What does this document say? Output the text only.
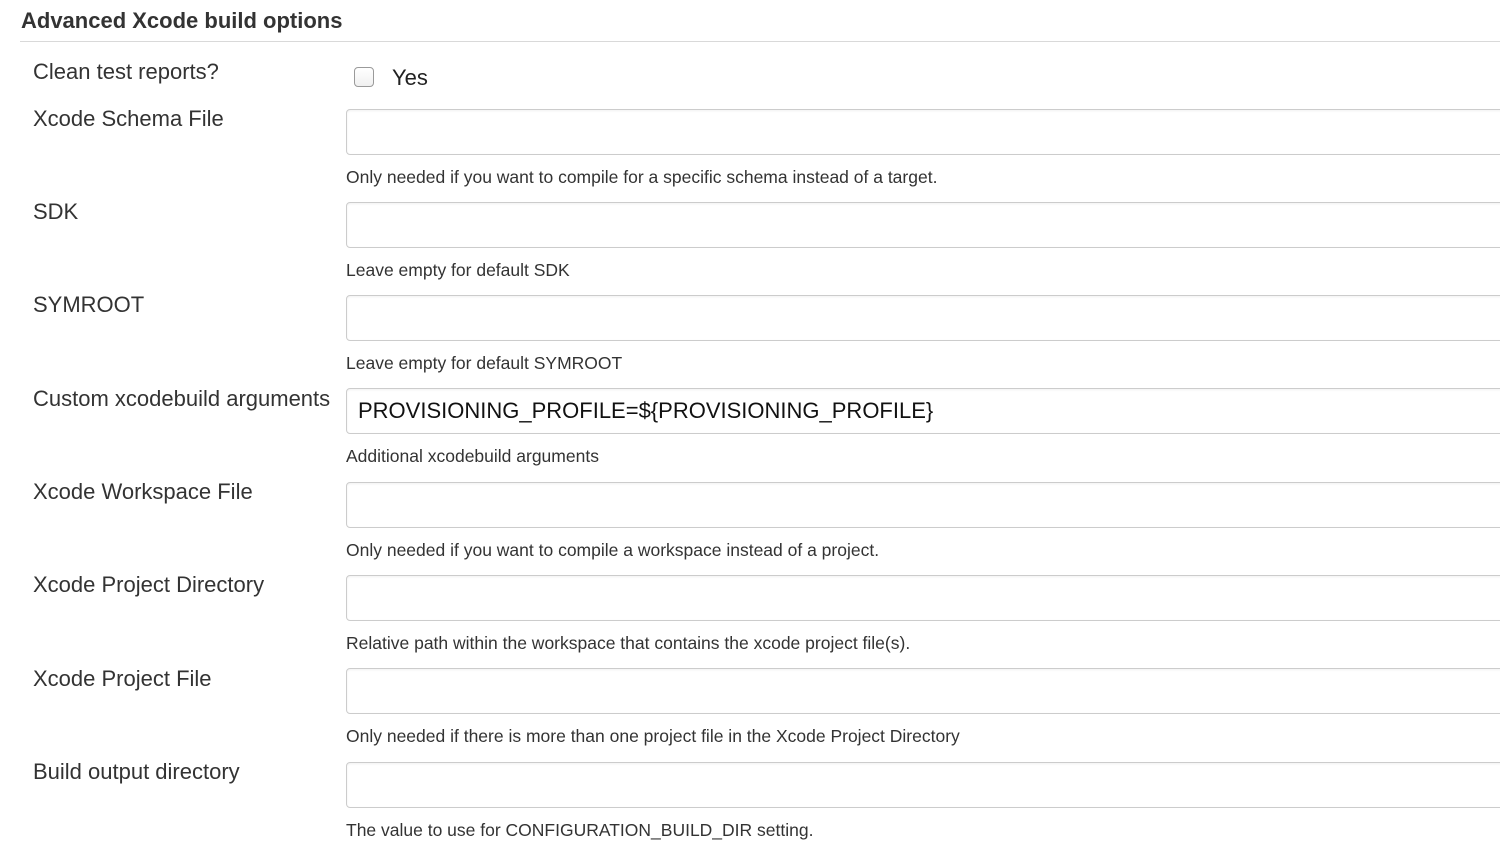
Advanced Xcode build options
Clean test reports?	Yes
Xcode Schema File
Only needed if you want to compile for a specific schema instead of a target.
SDK
Leave empty for default SDK
SYMROOT
Leave empty for default SYMROOT
Custom xcodebuild arguments
PROVISIONING_PROFILE=${PROVISIONING_PROFILE}
Additional xcodebuild arguments
Xcode Workspace File
Only needed if you want to compile a workspace instead of a project.
Xcode Project Directory
Relative path within the workspace that contains the xcode project file(s).
Xcode Project File
Only needed if there is more than one project file in the Xcode Project Directory
Build output directory
The value to use for CONFIGURATION_BUILD_DIR setting.
